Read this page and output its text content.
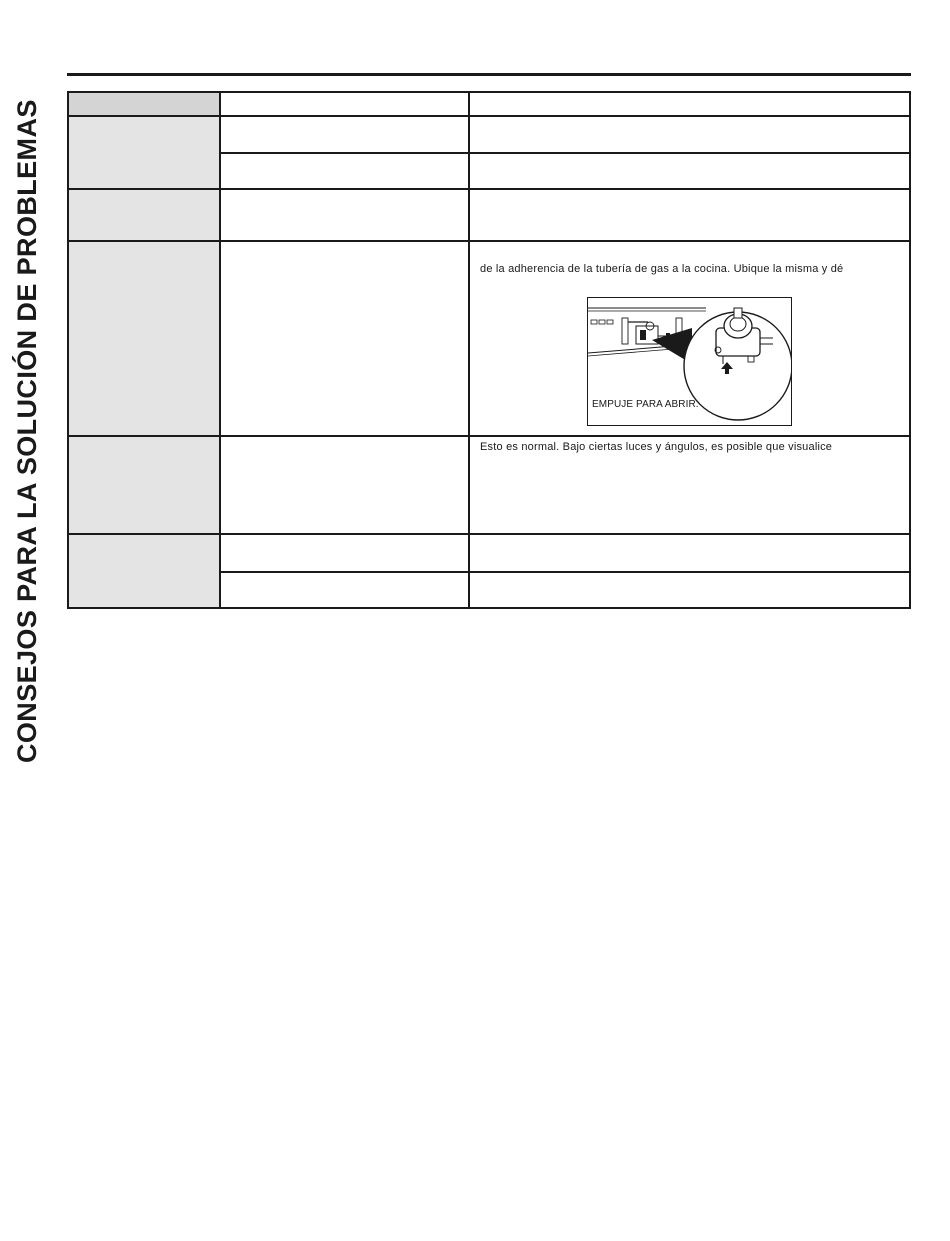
CONSEJOS PARA LA SOLUCIÓN DE PROBLEMAS

		de la adherencia de la tubería de gas a la cocina. Ubique la misma y dé
EMPUJE PARA ABRIR.

		Esto es normal. Bajo ciertas luces y ángulos, es posible que visualice
